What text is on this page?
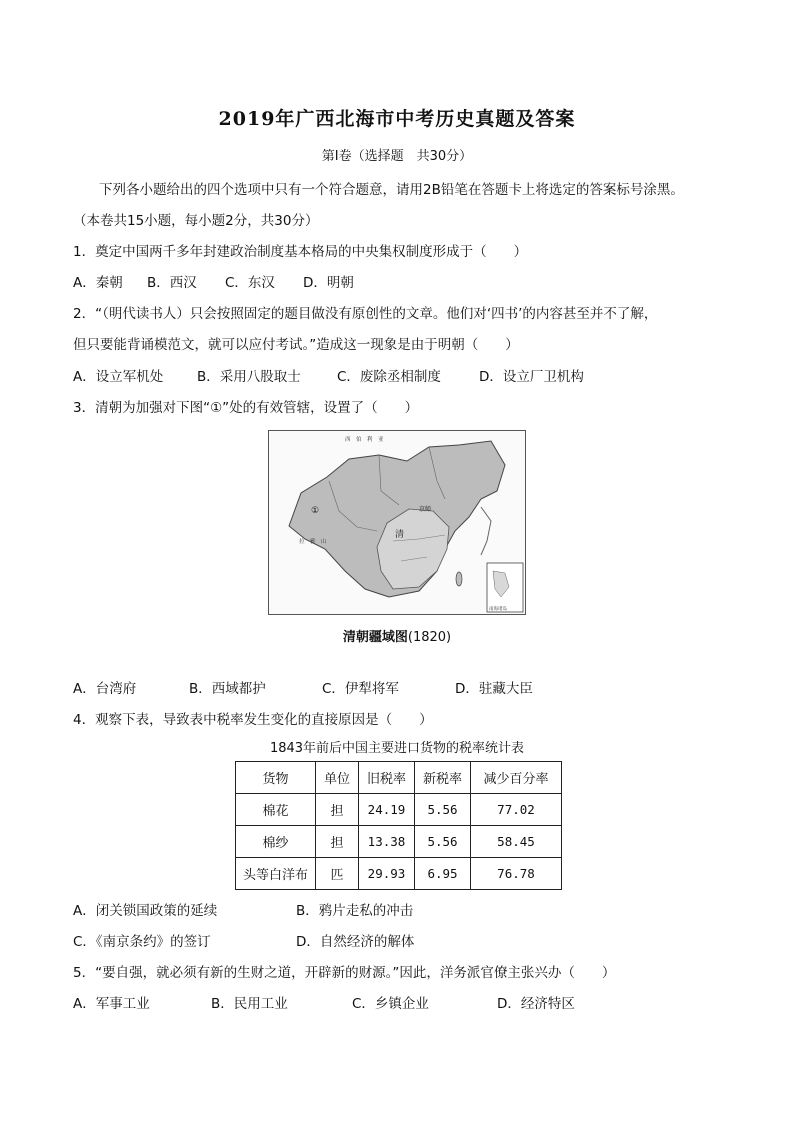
2019年广西北海市中考历史真题及答案
第Ⅰ卷（选择题　共30分）
下列各小题给出的四个选项中只有一个符合题意，请用2B铅笔在答题卡上将选定的答案标号涂黑。
（本卷共15小题，每小题2分，共30分）
1．奠定中国两千多年封建政治制度基本格局的中央集权制度形成于（　　）
A．秦朝 B．西汉 C．东汉 D．明朝
2．“（明代读书人）只会按照固定的题目做没有原创性的文章。他们对‘四书’的内容甚至并不了解，
但只要能背诵模范文，就可以应付考试。”造成这一现象是由于明朝（　　）
A．设立军机处	B．采用八股取士	C．废除丞相制度	D．设立厂卫机构
3．清朝为加强对下图“①”处的有效管辖，设置了（　　）
西　伯　利　亚
①	京师
清
拉　雅　山
南海诸岛
清朝疆域图(1820)
A．台湾府	B．西域都护	C．伊犁将军	D．驻藏大臣
4．观察下表，导致表中税率发生变化的直接原因是（　　）
1843年前后中国主要进口货物的税率统计表
货物	单位	旧税率	新税率	减少百分率
棉花	担	24.19	5.56	77.02
棉纱	担	13.38	5.56	58.45
头等白洋布	匹	29.93	6.95	76.78
A．闭关锁国政策的延续	B．鸦片走私的冲击
C．《南京条约》的签订	D．自然经济的解体
5．“要自强，就必须有新的生财之道，开辟新的财源。”因此，洋务派官僚主张兴办（　　）
A．军事工业	B．民用工业	C．乡镇企业	D．经济特区
